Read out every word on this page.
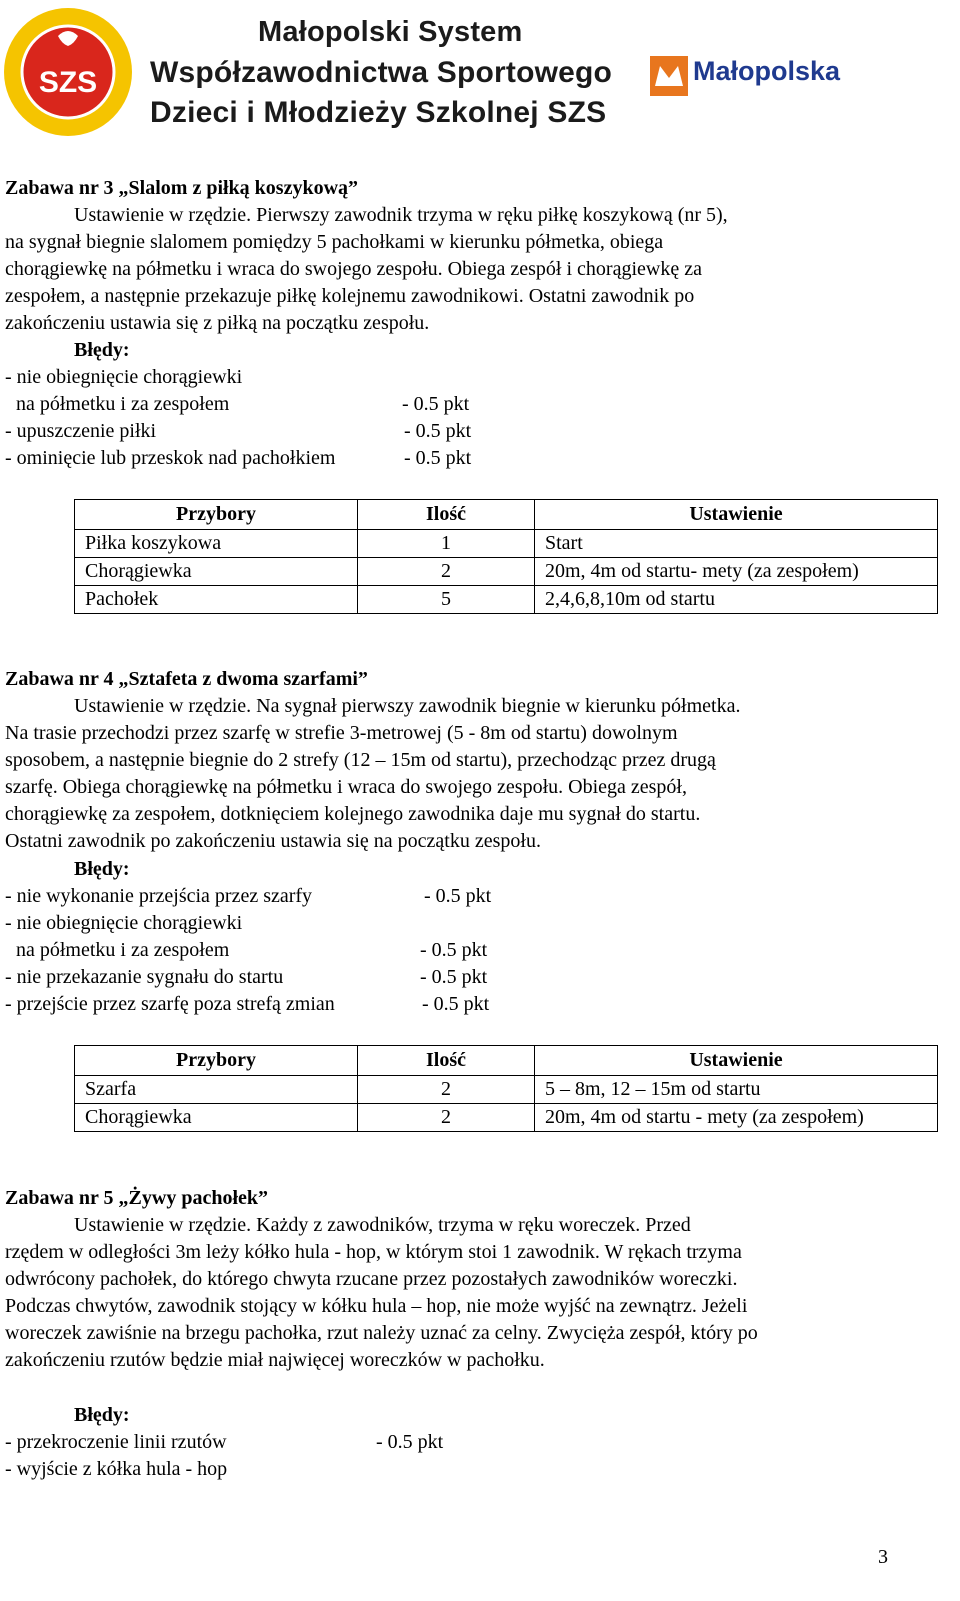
SZS
Małopolski System
Współzawodnictwa Sportowego
Dzieci i Młodzieży Szkolnej SZS
Małopolska
Zabawa nr 3 „Slalom z piłką koszykową”
Ustawienie w rzędzie. Pierwszy zawodnik trzyma w ręku piłkę koszykową (nr 5),
na sygnał biegnie slalomem pomiędzy 5 pachołkami w kierunku półmetka, obiega
chorągiewkę na półmetku i wraca do swojego zespołu. Obiega zespół i chorągiewkę za
zespołem, a następnie przekazuje piłkę kolejnemu zawodnikowi. Ostatni zawodnik po
zakończeniu ustawia się z piłką na początku zespołu.
Błędy:
- nie obiegnięcie chorągiewki
na półmetku i za zespołem	- 0.5 pkt
- upuszczenie piłki	- 0.5 pkt
- ominięcie lub przeskok nad pachołkiem	- 0.5 pkt
Przybory	Ilość	Ustawienie
Piłka koszykowa	1	Start
Chorągiewka	2	20m, 4m od startu- mety (za zespołem)
Pachołek	5	2,4,6,8,10m od startu
Zabawa nr 4 „Sztafeta z dwoma szarfami”
Ustawienie w rzędzie. Na sygnał pierwszy zawodnik biegnie w kierunku półmetka.
Na trasie przechodzi przez szarfę w strefie 3-metrowej (5 - 8m od startu) dowolnym
sposobem, a następnie biegnie do 2 strefy (12 – 15m od startu), przechodząc przez drugą
szarfę. Obiega chorągiewkę na półmetku i wraca do swojego zespołu. Obiega zespół,
chorągiewkę za zespołem, dotknięciem kolejnego zawodnika daje mu sygnał do startu.
Ostatni zawodnik po zakończeniu ustawia się na początku zespołu.
Błędy:
- nie wykonanie przejścia przez szarfy	- 0.5 pkt
- nie obiegnięcie chorągiewki
na półmetku i za zespołem	- 0.5 pkt
- nie przekazanie sygnału do startu	- 0.5 pkt
- przejście przez szarfę poza strefą zmian	- 0.5 pkt
Przybory	Ilość	Ustawienie
Szarfa	2	5 – 8m, 12 – 15m od startu
Chorągiewka	2	20m, 4m od startu - mety (za zespołem)
Zabawa nr 5 „Żywy pachołek”
Ustawienie w rzędzie. Każdy z zawodników, trzyma w ręku woreczek. Przed
rzędem w odległości 3m leży kółko hula - hop, w którym stoi 1 zawodnik. W rękach trzyma
odwrócony pachołek, do którego chwyta rzucane przez pozostałych zawodników woreczki.
Podczas chwytów, zawodnik stojący w kółku hula – hop, nie może wyjść na zewnątrz. Jeżeli
woreczek zawiśnie na brzegu pachołka, rzut należy uznać za celny. Zwycięża zespół, który po
zakończeniu rzutów będzie miał najwięcej woreczków w pachołku.
Błędy:
- przekroczenie linii rzutów	- 0.5 pkt
- wyjście z kółka hula - hop
3
